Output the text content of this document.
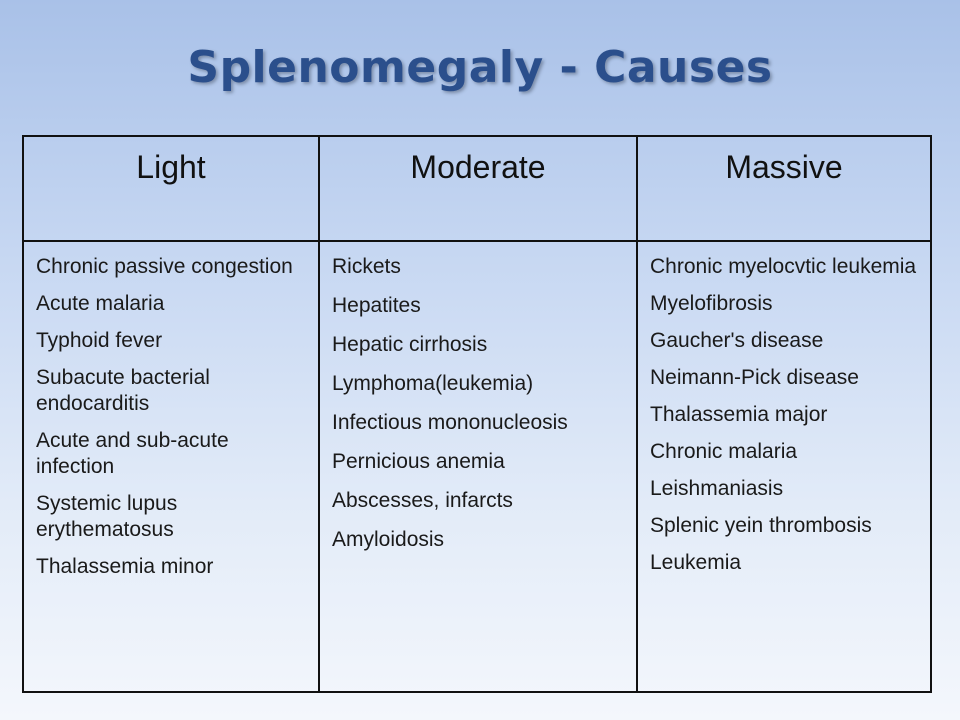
Splenomegaly - Causes
Light	Moderate	Massive
Chronic passive congestion
Acute malaria
Typhoid fever
Subacute bacterial endocarditis
Acute and sub-acute infection
Systemic lupus erythematosus
Thalassemia minor
Rickets
Hepatites
Hepatic cirrhosis
Lymphoma(leukemia)
Infectious mononucleosis
Pernicious anemia
Abscesses, infarcts
Amyloidosis
Chronic myelocvtic leukemia
Myelofibrosis
Gaucher's disease
Neimann-Pick disease
Thalassemia major
Chronic malaria
Leishmaniasis
Splenic yein thrombosis
Leukemia
